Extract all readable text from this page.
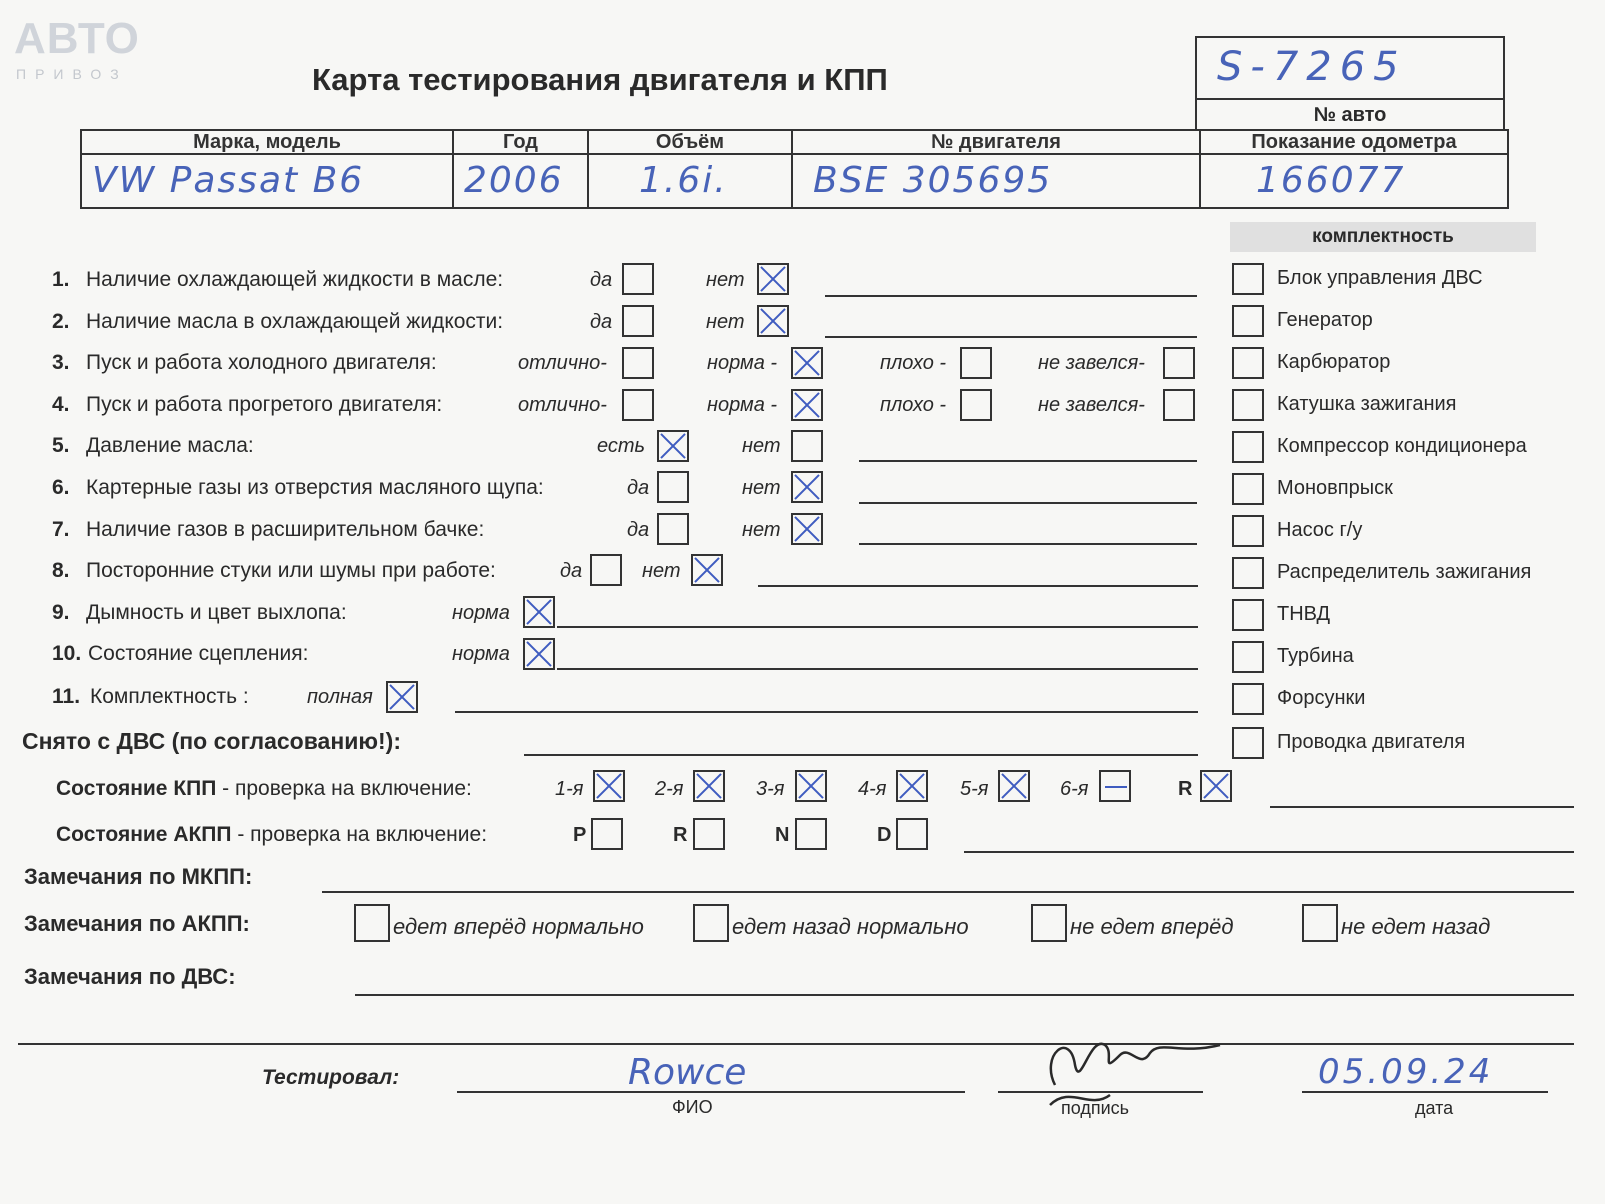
АВТО
ПРИВОЗ	Карта тестирования двигателя и КПП	S-7265
№ авто
Марка, модель	Год	Объём	№ двигателя	Показание одометра
VW Passat B6	2006	1.6i.	BSE 305695	166077
комплектность
Блок управления ДВС
Генератор
Карбюратор
Катушка зажигания
Компрессор кондиционера
Моновпрыск
Насос г/у
Распределитель зажигания
ТНВД
Турбина
Форсунки
Проводка двигателя
1. Наличие охлаждающей жидкости в масле:	да	нет
2. Наличие масла в охлаждающей жидкости:	да	нет
3. Пуск и работа холодного двигателя:	отлично-	норма -	плохо -	не завелся-
4. Пуск и работа прогретого двигателя:	отлично-	норма -	плохо -	не завелся-
5. Давление масла:	есть	нет
6. Картерные газы из отверстия масляного щупа:	да	нет
7. Наличие газов в расширительном бачке:	да	нет
8. Посторонние стуки или шумы при работе:	да	нет
9. Дымность и цвет выхлопа:	норма
10. Состояние сцепления:	норма
11. Комплектность :	полная
Снято с ДВС (по согласованию!):
Состояние КПП - проверка на включение:	1-я	2-я	3-я	4-я	5-я	6-я	R
Состояние АКПП - проверка на включение:	P	R	N	D
Замечания по МКПП:
Замечания по АКПП:	едет вперёд нормально	едет назад нормально	не едет вперёд	не едет назад
Замечания по ДВС:
Тестировал:	Rowce
ФИО	подпись
05.09.24
дата
